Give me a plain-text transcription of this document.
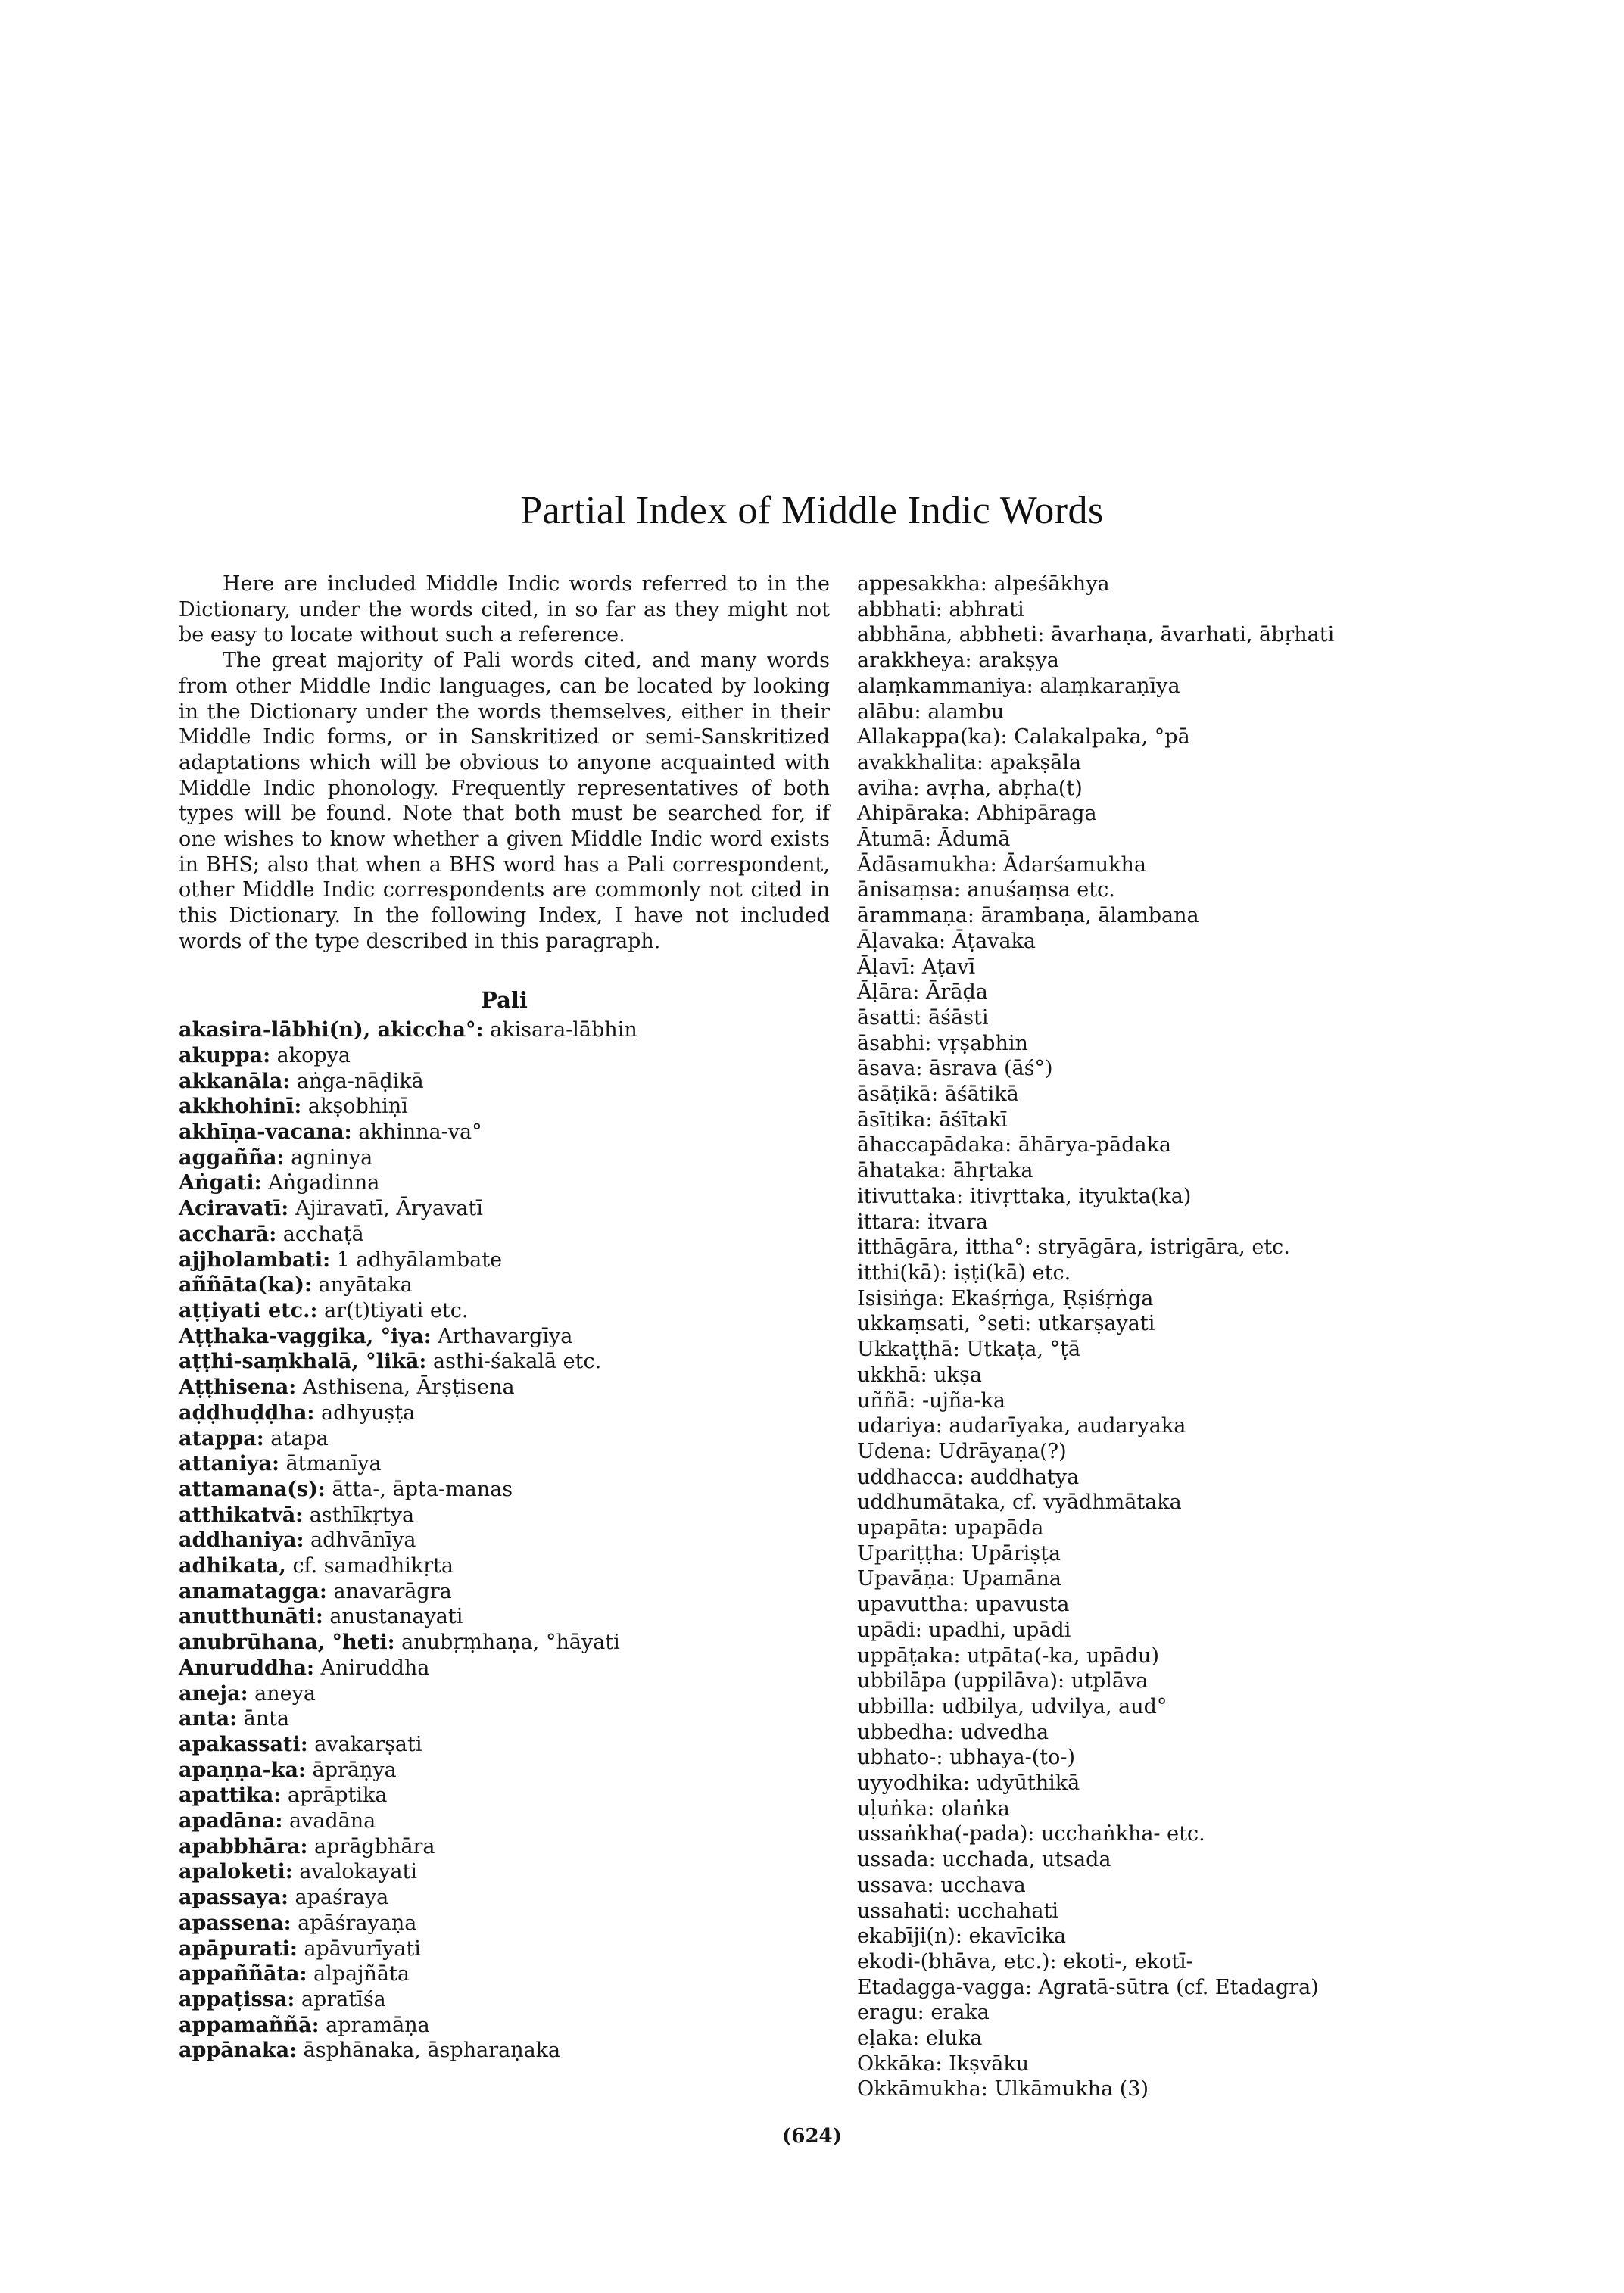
Partial Index of Middle Indic Words

Here are included Middle Indic words referred to in the Dictionary, under the words cited, in so far as they might not be easy to locate without such a reference.

The great majority of Pali words cited, and many words from other Middle Indic languages, can be located by looking in the Dictionary under the words themselves, either in their Middle Indic forms, or in Sanskritized or semi-Sanskritized adaptations which will be obvious to anyone acquainted with Middle Indic phonology. Frequently representatives of both types will be found. Note that both must be searched for, if one wishes to know whether a given Middle Indic word exists in BHS; also that when a BHS word has a Pali correspondent, other Middle Indic correspondents are commonly not cited in this Dictionary. In the following Index, I have not included words of the type described in this paragraph.

Pali
akasira-lābhi(n), akiccha°: akisara-lābhin
akuppa: akopya
akkanāla: aṅga-nāḍikā
akkhohinī: akṣobhiṇī
akhīṇa-vacana: akhinna-va°
aggañña: agninya
Aṅgati: Aṅgadinna
Aciravatī: Ajiravatī, Āryavatī
accharā: acchaṭā
ajjholambati: 1 adhyālambate
aññāta(ka): anyātaka
aṭṭiyati etc.: ar(t)tiyati etc.
Aṭṭhaka-vaggika, °iya: Arthavargīya
aṭṭhi-saṃkhalā, °likā: asthi-śakalā etc.
Aṭṭhisena: Asthisena, Ārṣṭisena
aḍḍhuḍḍha: adhyuṣṭa
atappa: atapa
attaniya: ātmanīya
attamana(s): ātta-, āpta-manas
atthikatvā: asthīkṛtya
addhaniya: adhvānīya
adhikata, cf. samadhikṛta
anamatagga: anavarāgra
anutthunāti: anustanayati
anubrūhana, °heti: anubṛṃhaṇa, °hāyati
Anuruddha: Aniruddha
aneja: aneya
anta: ānta
apakassati: avakarṣati
apaṇṇa-ka: āprāṇya
apattika: aprāptika
apadāna: avadāna
apabbhāra: aprāgbhāra
apaloketi: avalokayati
apassaya: apaśraya
apassena: apāśrayaṇa
apāpurati: apāvurīyati
appaññāta: alpajñāta
appaṭissa: apratīśa
appamaññā: apramāṇa
appānaka: āsphānaka, āspharaṇaka
appesakkha: alpeśākhya
abbhati: abhrati
abbhāna, abbheti: āvarhaṇa, āvarhati, ābṛhati
arakkheya: arakṣya
alaṃkammaniya: alaṃkaraṇīya
alābu: alambu
Allakappa(ka): Calakalpaka, °pā
avakkhalita: apakṣāla
aviha: avṛha, abṛha(t)
Ahipāraka: Abhipāraga
Ātumā: Ādumā
Ādāsamukha: Ādarśamukha
ānisaṃsa: anuśaṃsa etc.
ārammaṇa: ārambaṇa, ālambana
Āḷavaka: Āṭavaka
Āḷavī: Aṭavī
Āḷāra: Ārāḍa
āsatti: āśāsti
āsabhi: vṛṣabhin
āsava: āsrava (āś°)
āsāṭikā: āśātikā
āsītika: āśītakī
āhaccapādaka: āhārya-pādaka
āhataka: āhṛtaka
itivuttaka: itivṛttaka, ityukta(ka)
ittara: itvara
itthāgāra, ittha°: stryāgāra, istrigāra, etc.
itthi(kā): iṣṭi(kā) etc.
Isisiṅga: Ekaśṛṅga, Ṛṣiśṛṅga
ukkaṃsati, °seti: utkarṣayati
Ukkaṭṭhā: Utkaṭa, °ṭā
ukkhā: ukṣa
uññā: -ujña-ka
udariya: audarīyaka, audaryaka
Udena: Udrāyaṇa(?)
uddhacca: auddhatya
uddhumātaka, cf. vyādhmātaka
upapāta: upapāda
Upariṭṭha: Upāriṣṭa
Upavāṇa: Upamāna
upavuttha: upavusta
upādi: upadhi, upādi
uppāṭaka: utpāta(-ka, upādu)
ubbilāpa (uppilāva): utplāva
ubbilla: udbilya, udvilya, aud°
ubbedha: udvedha
ubhato-: ubhaya-(to-)
uyyodhika: udyūthikā
uḷuṅka: olaṅka
ussaṅkha(-pada): ucchaṅkha- etc.
ussada: ucchada, utsada
ussava: ucchava
ussahati: ucchahati
ekabīji(n): ekavīcika
ekodi-(bhāva, etc.): ekoti-, ekotī-
Etadagga-vagga: Agratā-sūtra (cf. Etadagra)
eragu: eraka
eḷaka: eluka
Okkāka: Ikṣvāku
Okkāmukha: Ulkāmukha (3)
(624)
